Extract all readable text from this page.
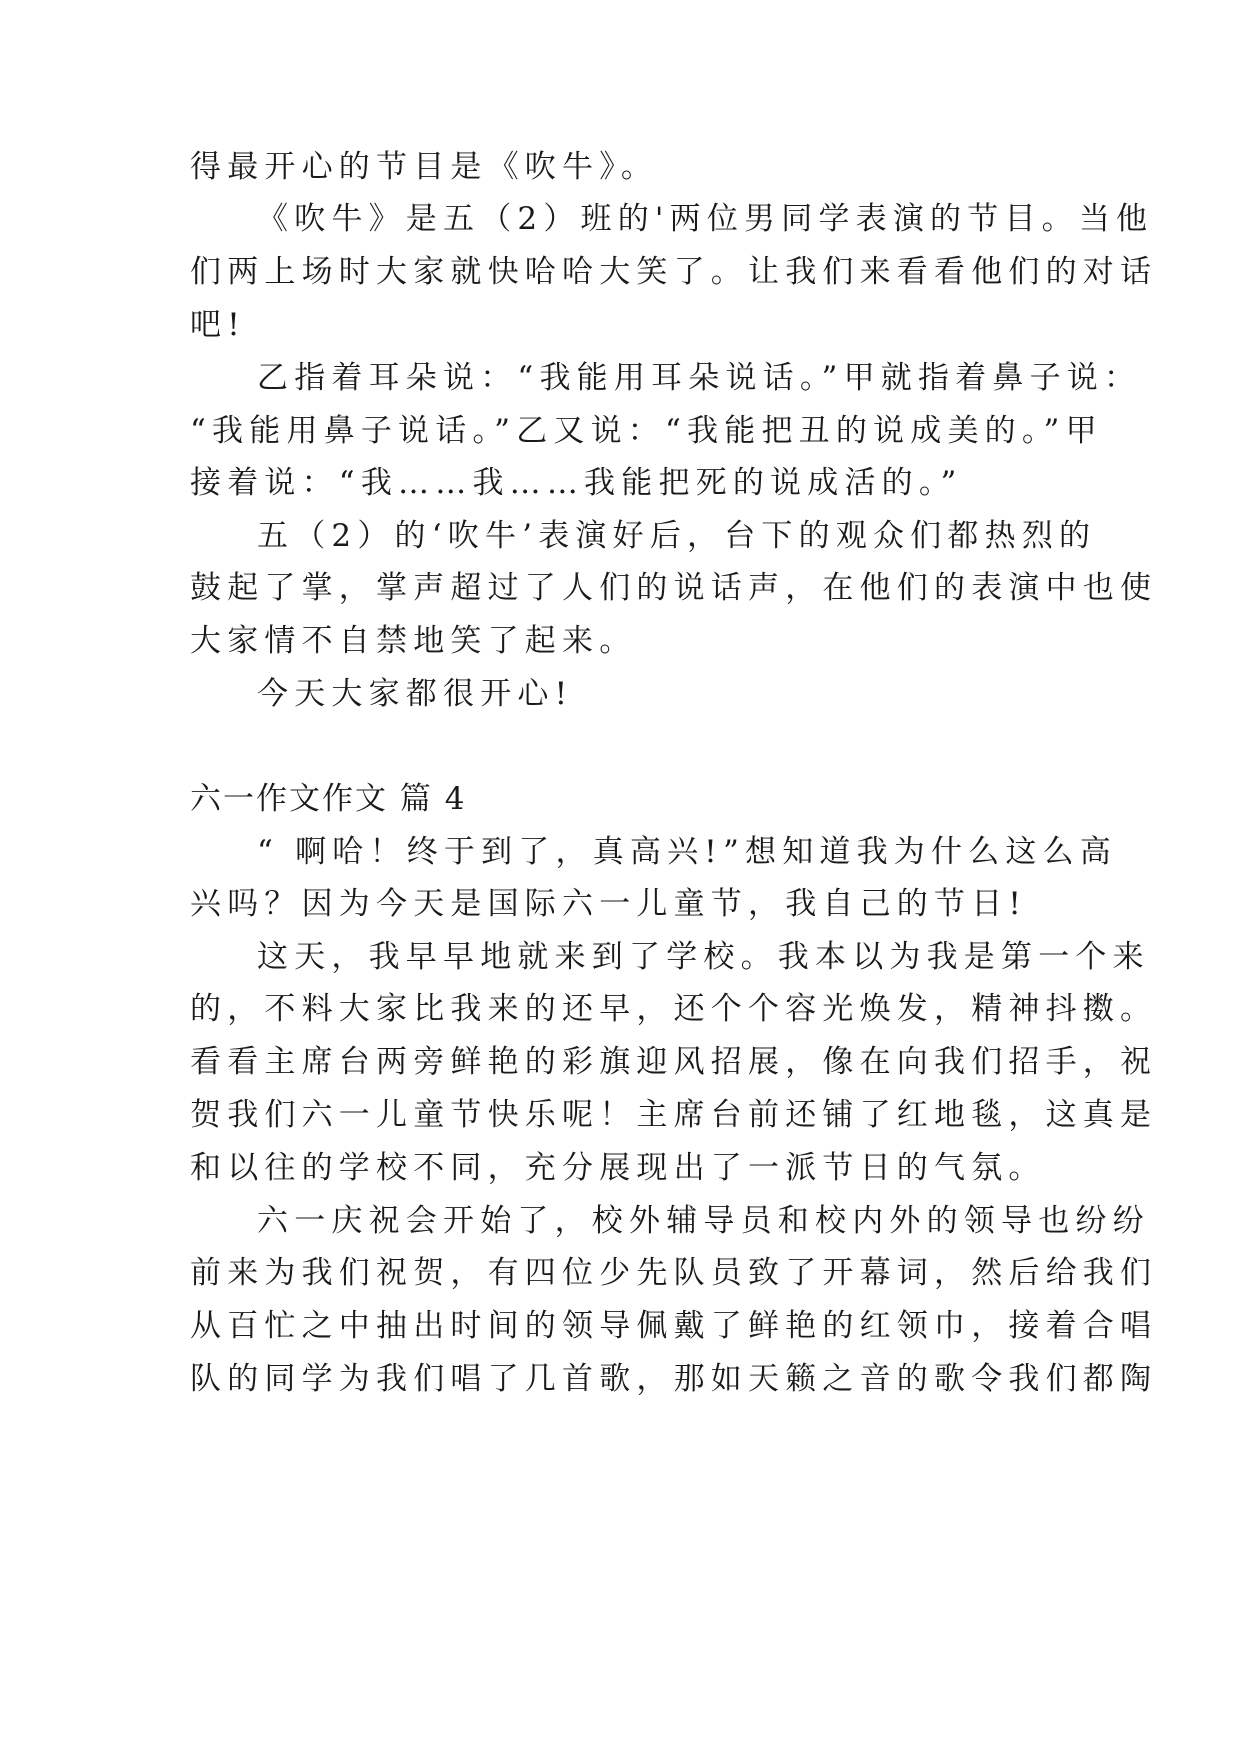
得最开心的节目是《吹牛》。
《吹牛》是五（2）班的'两位男同学表演的节目。当他
们两上场时大家就快哈哈大笑了。让我们来看看他们的对话
吧!
乙指着耳朵说：“我能用耳朵说话。”甲就指着鼻子说：
“我能用鼻子说话。”乙又说：“我能把丑的说成美的。”甲
接着说：“我……我……我能把死的说成活的。”
五（2）的‘吹牛’表演好后，台下的观众们都热烈的
鼓起了掌，掌声超过了人们的说话声，在他们的表演中也使
大家情不自禁地笑了起来。
今天大家都很开心!
六一作文作文 篇 4
“ 啊哈！终于到了，真高兴!”想知道我为什么这么高
兴吗？因为今天是国际六一儿童节，我自己的节日!
这天，我早早地就来到了学校。我本以为我是第一个来
的，不料大家比我来的还早，还个个容光焕发，精神抖擞。
看看主席台两旁鲜艳的彩旗迎风招展，像在向我们招手，祝
贺我们六一儿童节快乐呢！主席台前还铺了红地毯，这真是
和以往的学校不同，充分展现出了一派节日的气氛。
六一庆祝会开始了，校外辅导员和校内外的领导也纷纷
前来为我们祝贺，有四位少先队员致了开幕词，然后给我们
从百忙之中抽出时间的领导佩戴了鲜艳的红领巾，接着合唱
队的同学为我们唱了几首歌，那如天籁之音的歌令我们都陶
